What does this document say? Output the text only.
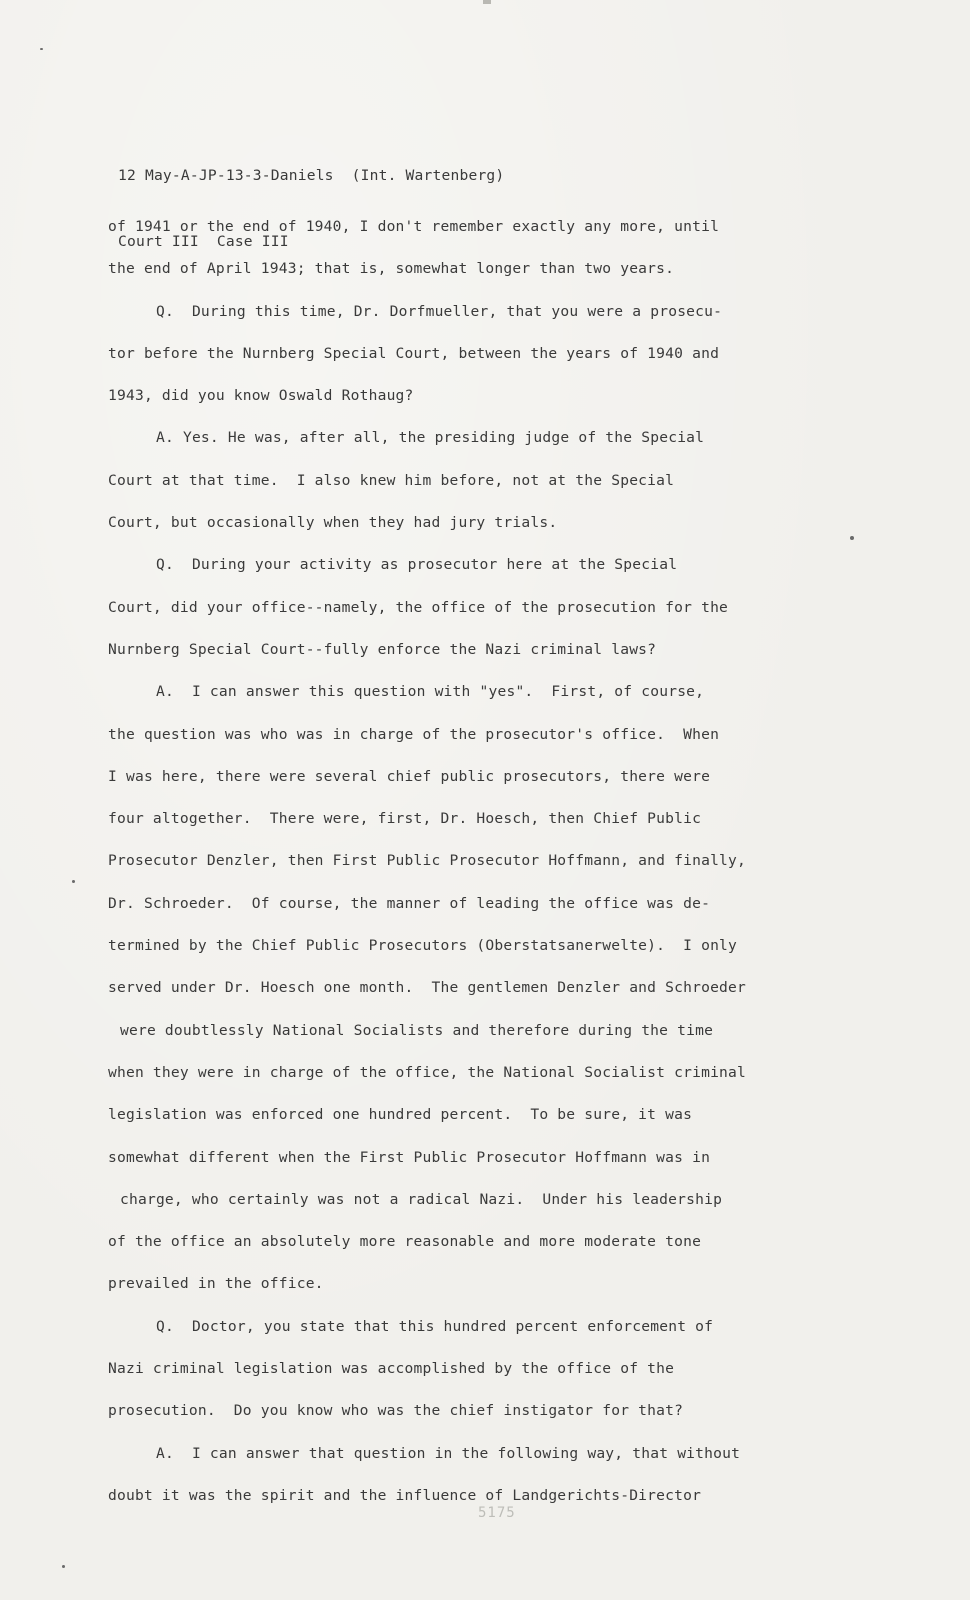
12 May-A-JP-13-3-Daniels  (Int. Wartenberg)

Court III  Case III

of 1941 or the end of 1940, I don't remember exactly any more, until
the end of April 1943; that is, somewhat longer than two years.
Q.  During this time, Dr. Dorfmueller, that you were a prosecu-
tor before the Nurnberg Special Court, between the years of 1940 and
1943, did you know Oswald Rothaug?
A. Yes. He was, after all, the presiding judge of the Special
Court at that time.  I also knew him before, not at the Special
Court, but occasionally when they had jury trials.
Q.  During your activity as prosecutor here at the Special
Court, did your office--namely, the office of the prosecution for the
Nurnberg Special Court--fully enforce the Nazi criminal laws?
A.  I can answer this question with "yes".  First, of course,
the question was who was in charge of the prosecutor's office.  When
I was here, there were several chief public prosecutors, there were
four altogether.  There were, first, Dr. Hoesch, then Chief Public
Prosecutor Denzler, then First Public Prosecutor Hoffmann, and finally,
Dr. Schroeder.  Of course, the manner of leading the office was de-
termined by the Chief Public Prosecutors (Oberstatsanerwelte).  I only
served under Dr. Hoesch one month.  The gentlemen Denzler and Schroeder
were doubtlessly National Socialists and therefore during the time
when they were in charge of the office, the National Socialist criminal
legislation was enforced one hundred percent.  To be sure, it was
somewhat different when the First Public Prosecutor Hoffmann was in
charge, who certainly was not a radical Nazi.  Under his leadership
of the office an absolutely more reasonable and more moderate tone
prevailed in the office.
Q.  Doctor, you state that this hundred percent enforcement of
Nazi criminal legislation was accomplished by the office of the
prosecution.  Do you know who was the chief instigator for that?
A.  I can answer that question in the following way, that without
doubt it was the spirit and the influence of Landgerichts-Director
5175
